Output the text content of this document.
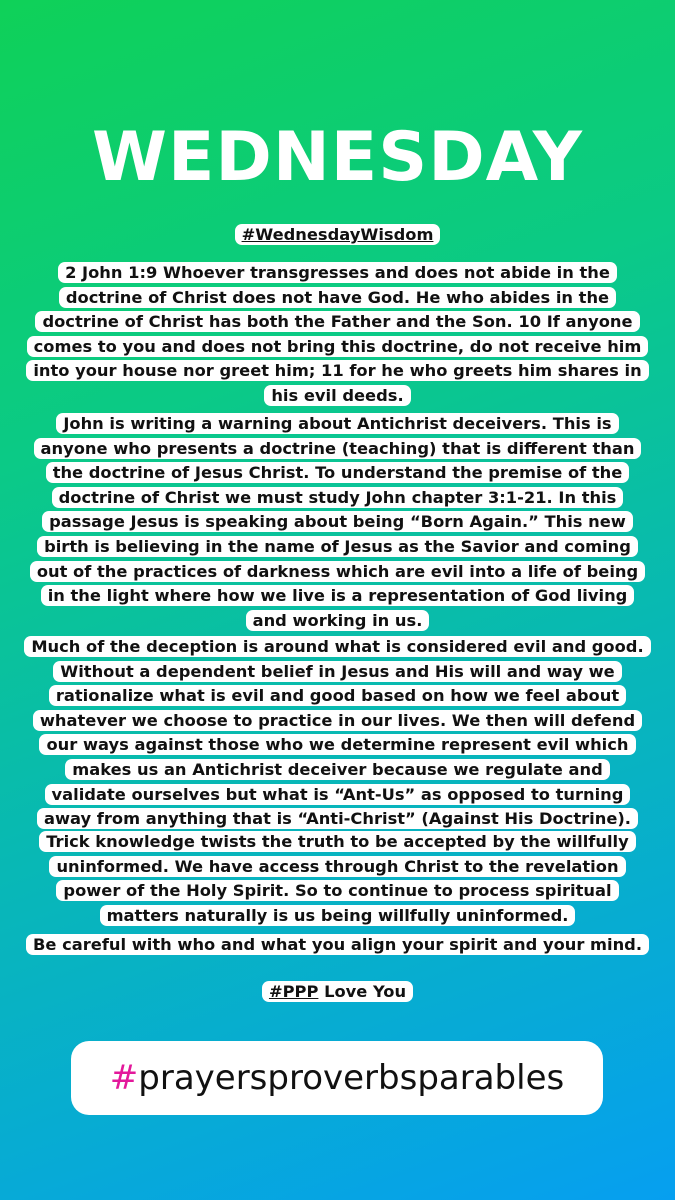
WEDNESDAY
#WednesdayWisdom
2 John 1:9 Whoever transgresses and does not abide in the
doctrine of Christ does not have God. He who abides in the
doctrine of Christ has both the Father and the Son. 10 If anyone
comes to you and does not bring this doctrine, do not receive him
into your house nor greet him; 11 for he who greets him shares in
his evil deeds.
John is writing a warning about Antichrist deceivers. This is
anyone who presents a doctrine (teaching) that is different than
the doctrine of Jesus Christ. To understand the premise of the
doctrine of Christ we must study John chapter 3:1-21. In this
passage Jesus is speaking about being “Born Again.” This new
birth is believing in the name of Jesus as the Savior and coming
out of the practices of darkness which are evil into a life of being
in the light where how we live is a representation of God living
and working in us.
Much of the deception is around what is considered evil and good.
Without a dependent belief in Jesus and His will and way we
rationalize what is evil and good based on how we feel about
whatever we choose to practice in our lives. We then will defend
our ways against those who we determine represent evil which
makes us an Antichrist deceiver because we regulate and
validate ourselves but what is “Ant-Us” as opposed to turning
away from anything that is “Anti-Christ” (Against His Doctrine).
Trick knowledge twists the truth to be accepted by the willfully
uninformed. We have access through Christ to the revelation
power of the Holy Spirit. So to continue to process spiritual
matters naturally is us being willfully uninformed.
Be careful with who and what you align your spirit and your mind.
#PPP Love You
#prayersproverbsparables
